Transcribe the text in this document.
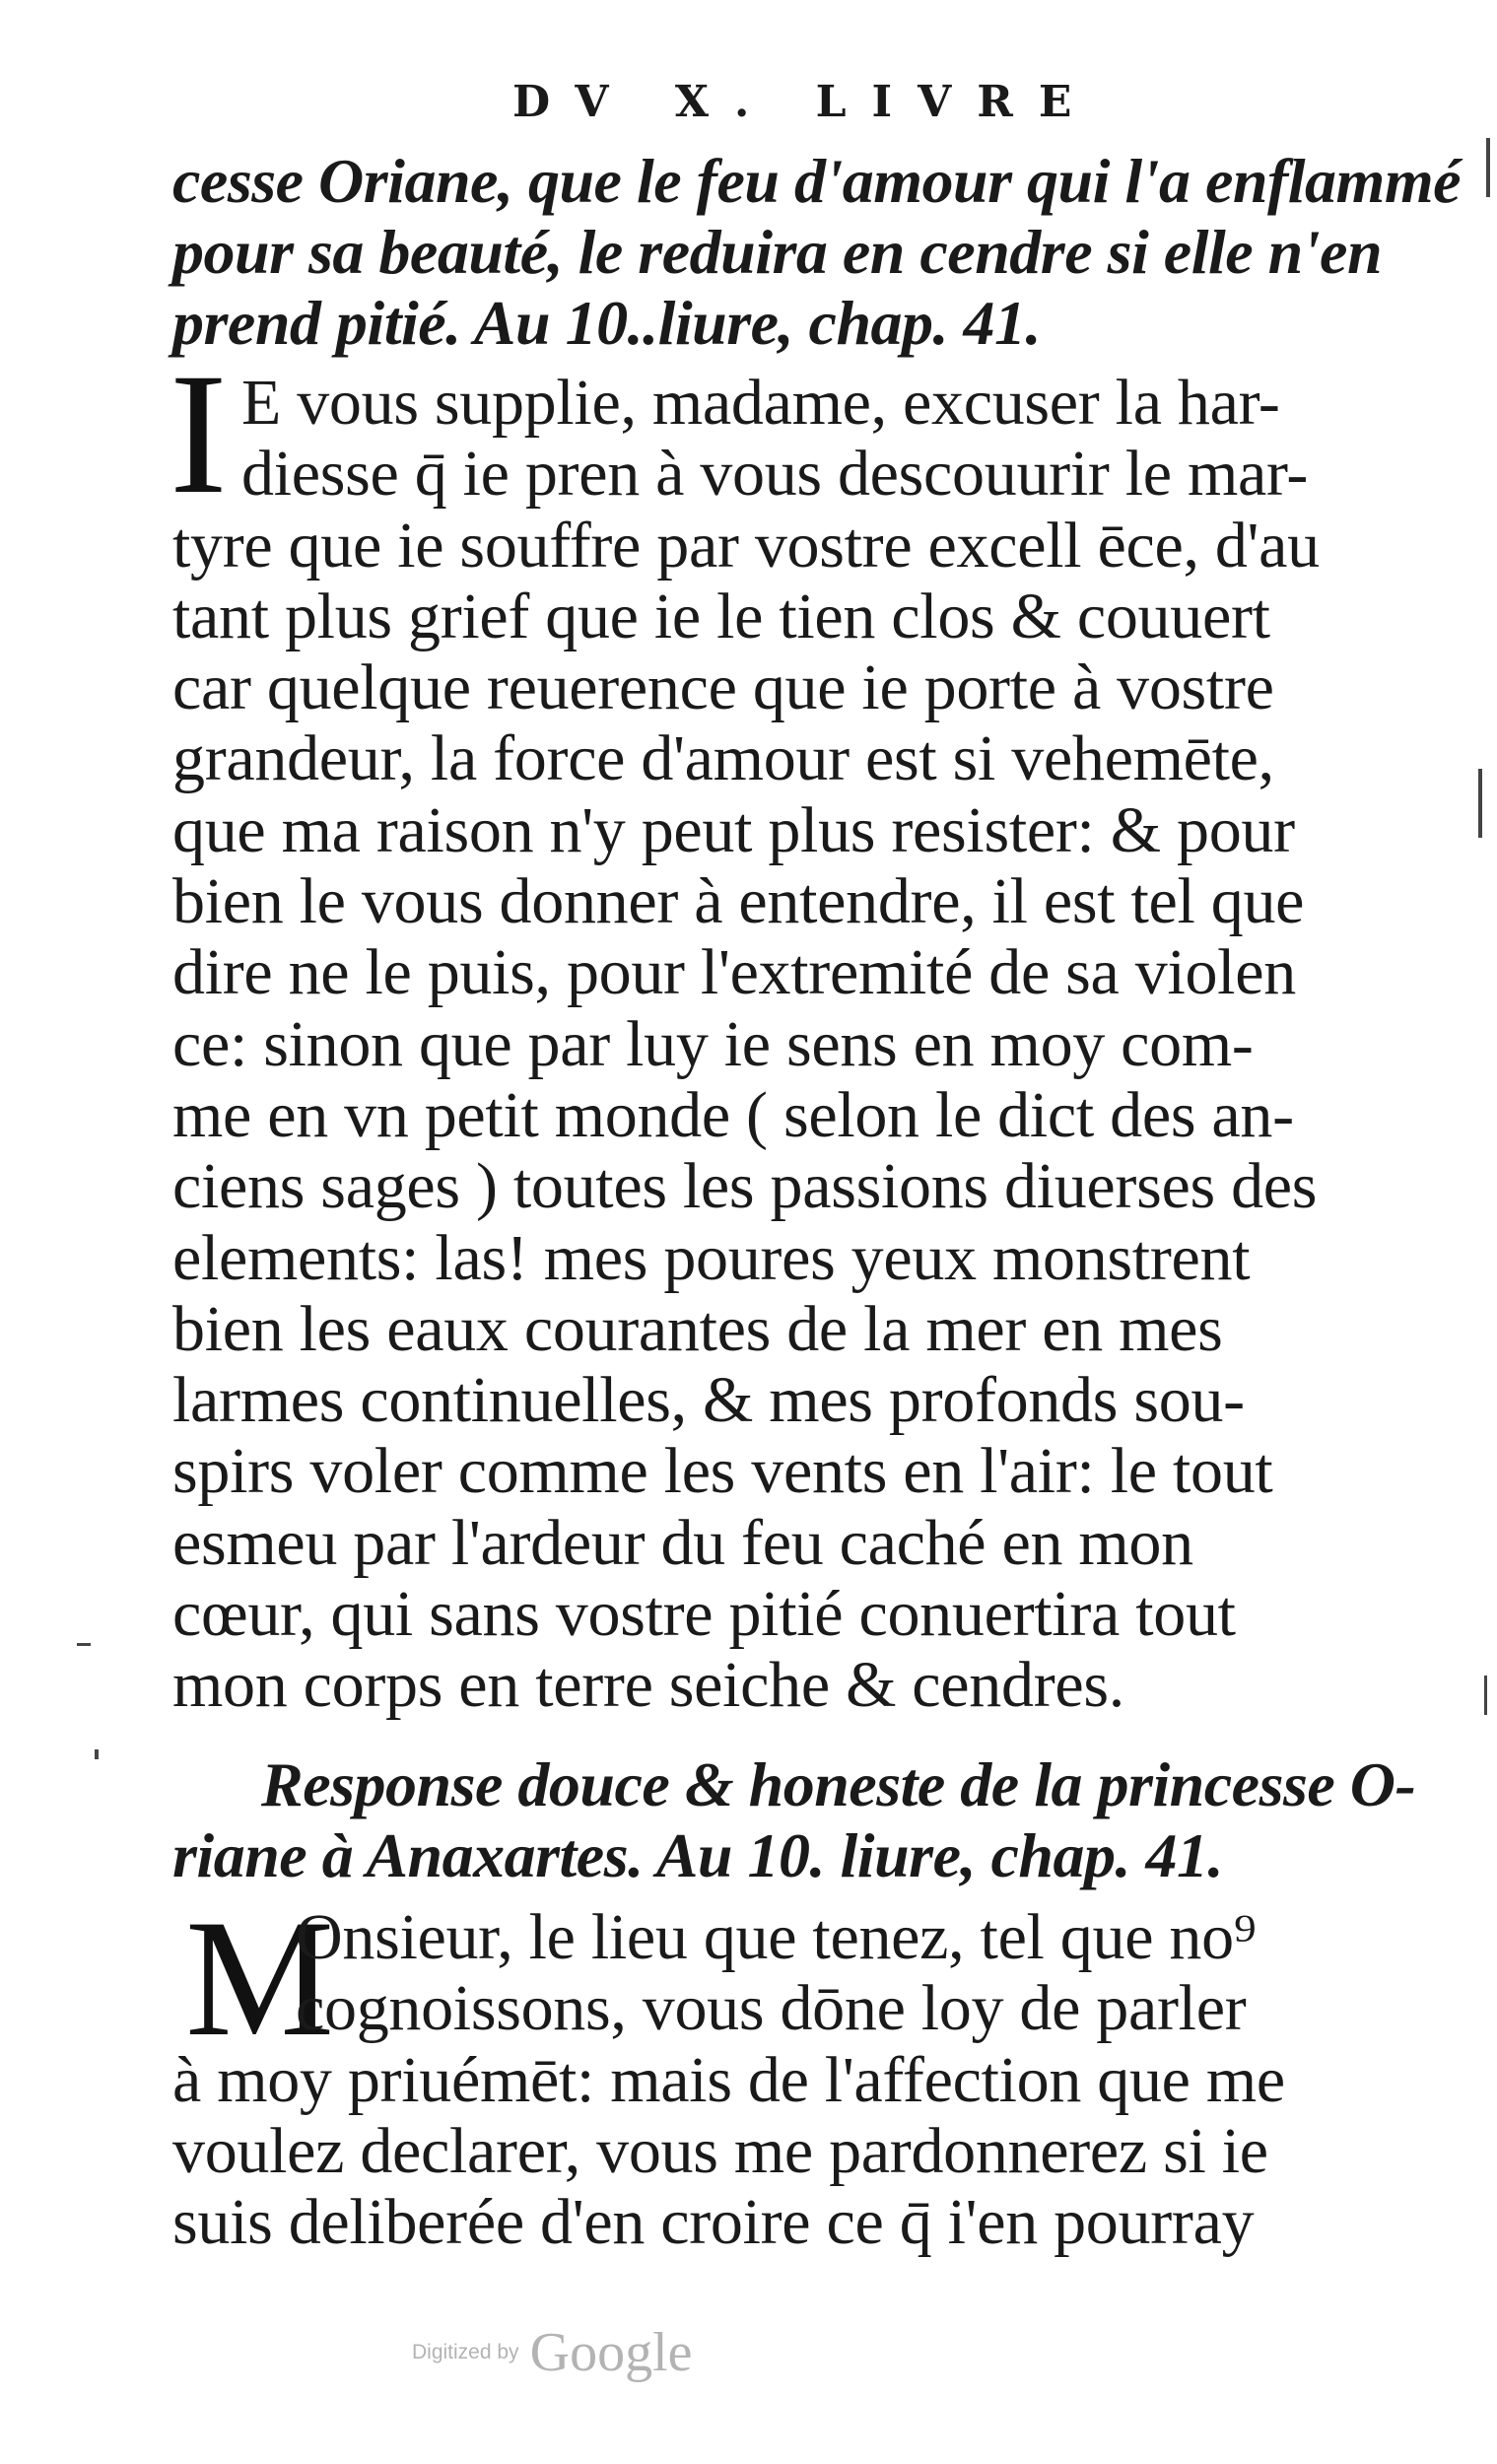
DV X. LIVRE
cesse Oriane, que le feu d'amour qui l'a enflammé
pour sa beauté, le reduira en cendre si elle n'en
prend pitié. Au 10..liure, chap. 41.
I E vous supplie, madame, excuser la har-
diesse q̄ ie pren à vous descouurir le mar-
tyre que ie souffre par vostre excell ēce, d'au
tant plus grief que ie le tien clos & couuert
car quelque reuerence que ie porte à vostre
grandeur, la force d'amour est si vehemēte,
que ma raison n'y peut plus resister: & pour
bien le vous donner à entendre, il est tel que
dire ne le puis, pour l'extremité de sa violen
ce: sinon que par luy ie sens en moy com-
me en vn petit monde ( selon le dict des an-
ciens sages ) toutes les passions diuerses des
elements: las! mes poures yeux monstrent
bien les eaux courantes de la mer en mes
larmes continuelles, & mes profonds sou-
spirs voler comme les vents en l'air: le tout
esmeu par l'ardeur du feu caché en mon
cœur, qui sans vostre pitié conuertira tout
mon corps en terre seiche & cendres.
Response douce & honeste de la princesse O-
riane à Anaxartes. Au 10. liure, chap. 41.
M
Onsieur, le lieu que tenez, tel que no⁹
cognoissons, vous dōne loy de parler
à moy priuémēt: mais de l'affection que me
voulez declarer, vous me pardonnerez si ie
suis deliberée d'en croire ce q̄ i'en pourray
Digitized by Google
